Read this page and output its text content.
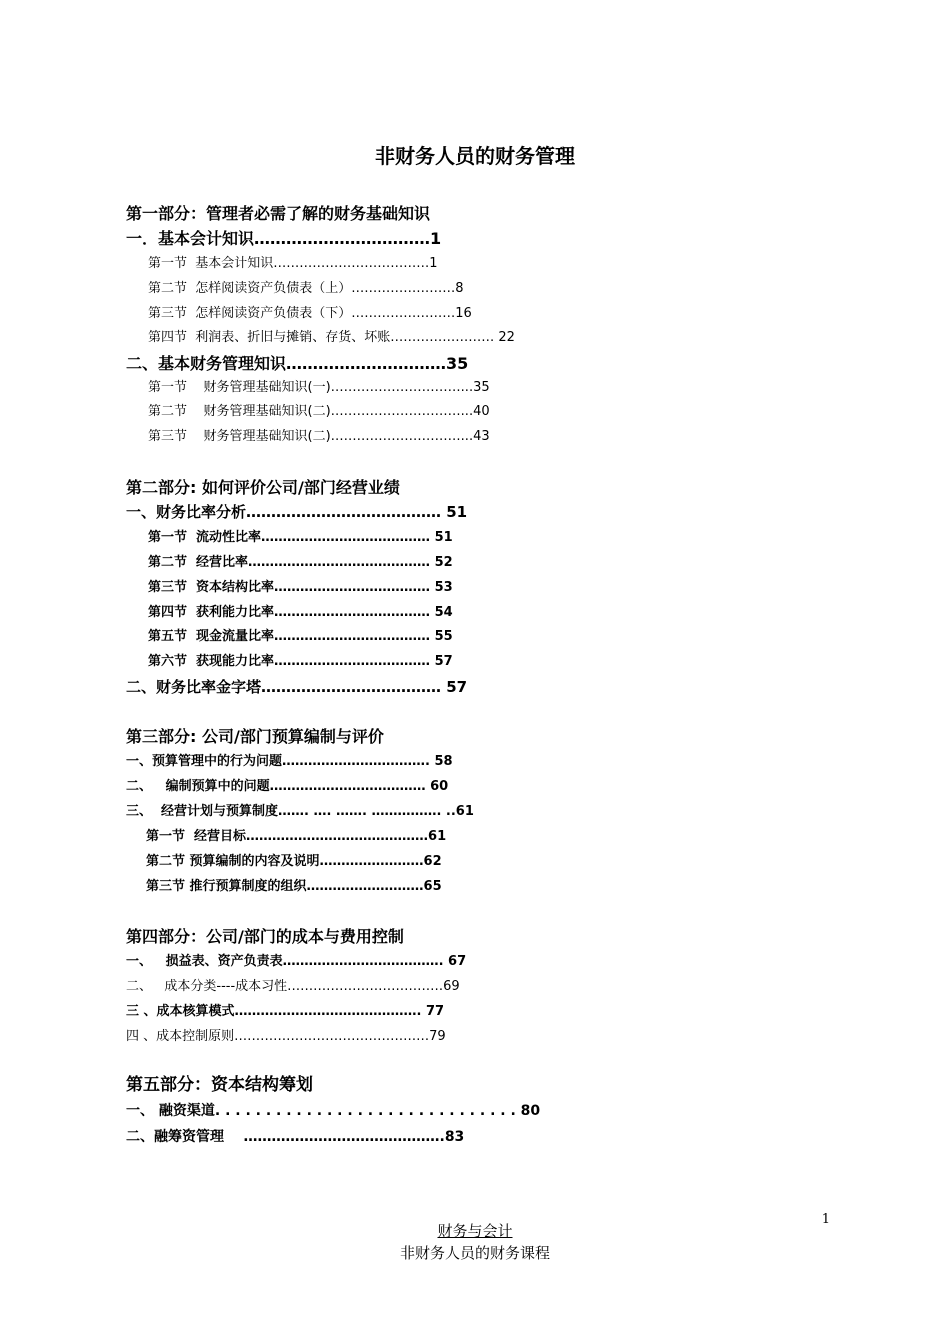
非财务人员的财务管理
第一部分：管理者必需了解的财务基础知识
一．基本会计知识……………………………1
第一节  基本会计知识………………………………1
第二节  怎样阅读资产负债表（上）……………………8
第三节  怎样阅读资产负债表（下）……………………16
第四节  利润表、折旧与摊销、存货、坏账…………………… 22
二、基本财务管理知识…………………………35
第一节    财务管理基础知识(一)…………………………...35
第二节    财务管理基础知识(二)…………………………...40
第三节    财务管理基础知识(二)…………………………...43
第二部分: 如何评价公司/部门经营业绩
一、财务比率分析………………………………… 51
第一节  流动性比率………………………………… 51
第二节  经营比率…………………………………… 52
第三节  资本结构比率……………………………… 53
第四节  获利能力比率……………………………… 54
第五节  现金流量比率……………………………… 55
第六节  获现能力比率……………………………… 57
二、财务比率金字塔……………………………… 57
第三部分: 公司/部门预算编制与评价
一、预算管理中的行为问题……………………………. 58
二、   编制预算中的问题……………………………… 60
三、  经营计划与预算制度……. …. ……. ……………. ..61
第一节  经营目标……………………………………61
第二节 预算编制的内容及说明……………………62
第三节 推行预算制度的组织………………………65
第四部分：公司/部门的成本与费用控制
一、   损益表、资产负责表………………………………. 67
二、   成本分类----成本习性………………………………69
三 、成本核算模式……………………………………. 77
四 、成本控制原则………………………………………79
第五部分：资本结构筹划
一、 融资渠道. . . . . . . . . . . . . . . . . . . . . . . . . . . . . . 80
二、融筹资管理    …………………………………….83
1
财务与会计
非财务人员的财务课程
